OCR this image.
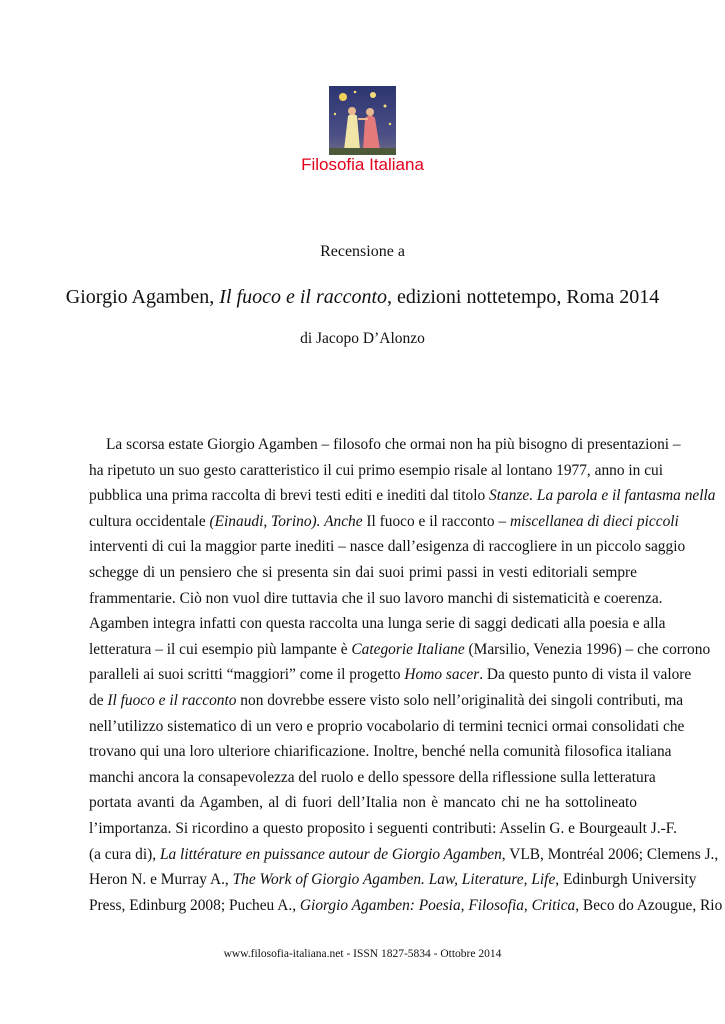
Filosofia Italiana
Recensione a
Giorgio Agamben, Il fuoco e il racconto, edizioni nottetempo, Roma 2014
di Jacopo D’Alonzo
La scorsa estate Giorgio Agamben – filosofo che ormai non ha più bisogno di presentazioni –
ha ripetuto un suo gesto caratteristico il cui primo esempio risale al lontano 1977, anno in cui
pubblica una prima raccolta di brevi testi editi e inediti dal titolo Stanze. La parola e il fantasma nella
cultura occidentale (Einaudi, Torino). Anche Il fuoco e il racconto – miscellanea di dieci piccoli
interventi di cui la maggior parte inediti – nasce dall’esigenza di raccogliere in un piccolo saggio
schegge di un pensiero che si presenta sin dai suoi primi passi in vesti editoriali sempre
frammentarie. Ciò non vuol dire tuttavia che il suo lavoro manchi di sistematicità e coerenza.
Agamben integra infatti con questa raccolta una lunga serie di saggi dedicati alla poesia e alla
letteratura – il cui esempio più lampante è Categorie Italiane (Marsilio, Venezia 1996) – che corrono
paralleli ai suoi scritti “maggiori” come il progetto Homo sacer. Da questo punto di vista il valore
de Il fuoco e il racconto non dovrebbe essere visto solo nell’originalità dei singoli contributi, ma
nell’utilizzo sistematico di un vero e proprio vocabolario di termini tecnici ormai consolidati che
trovano qui una loro ulteriore chiarificazione. Inoltre, benché nella comunità filosofica italiana
manchi ancora la consapevolezza del ruolo e dello spessore della riflessione sulla letteratura
portata avanti da Agamben, al di fuori dell’Italia non è mancato chi ne ha sottolineato
l’importanza. Si ricordino a questo proposito i seguenti contributi: Asselin G. e Bourgeault J.-F.
(a cura di), La littérature en puissance autour de Giorgio Agamben, VLB, Montréal 2006; Clemens J.,
Heron N. e Murray A., The Work of Giorgio Agamben. Law, Literature, Life, Edinburgh University
Press, Edinburg 2008; Pucheu A., Giorgio Agamben: Poesia, Filosofia, Critica, Beco do Azougue, Rio
www.filosofia-italiana.net - ISSN 1827-5834 - Ottobre 2014
